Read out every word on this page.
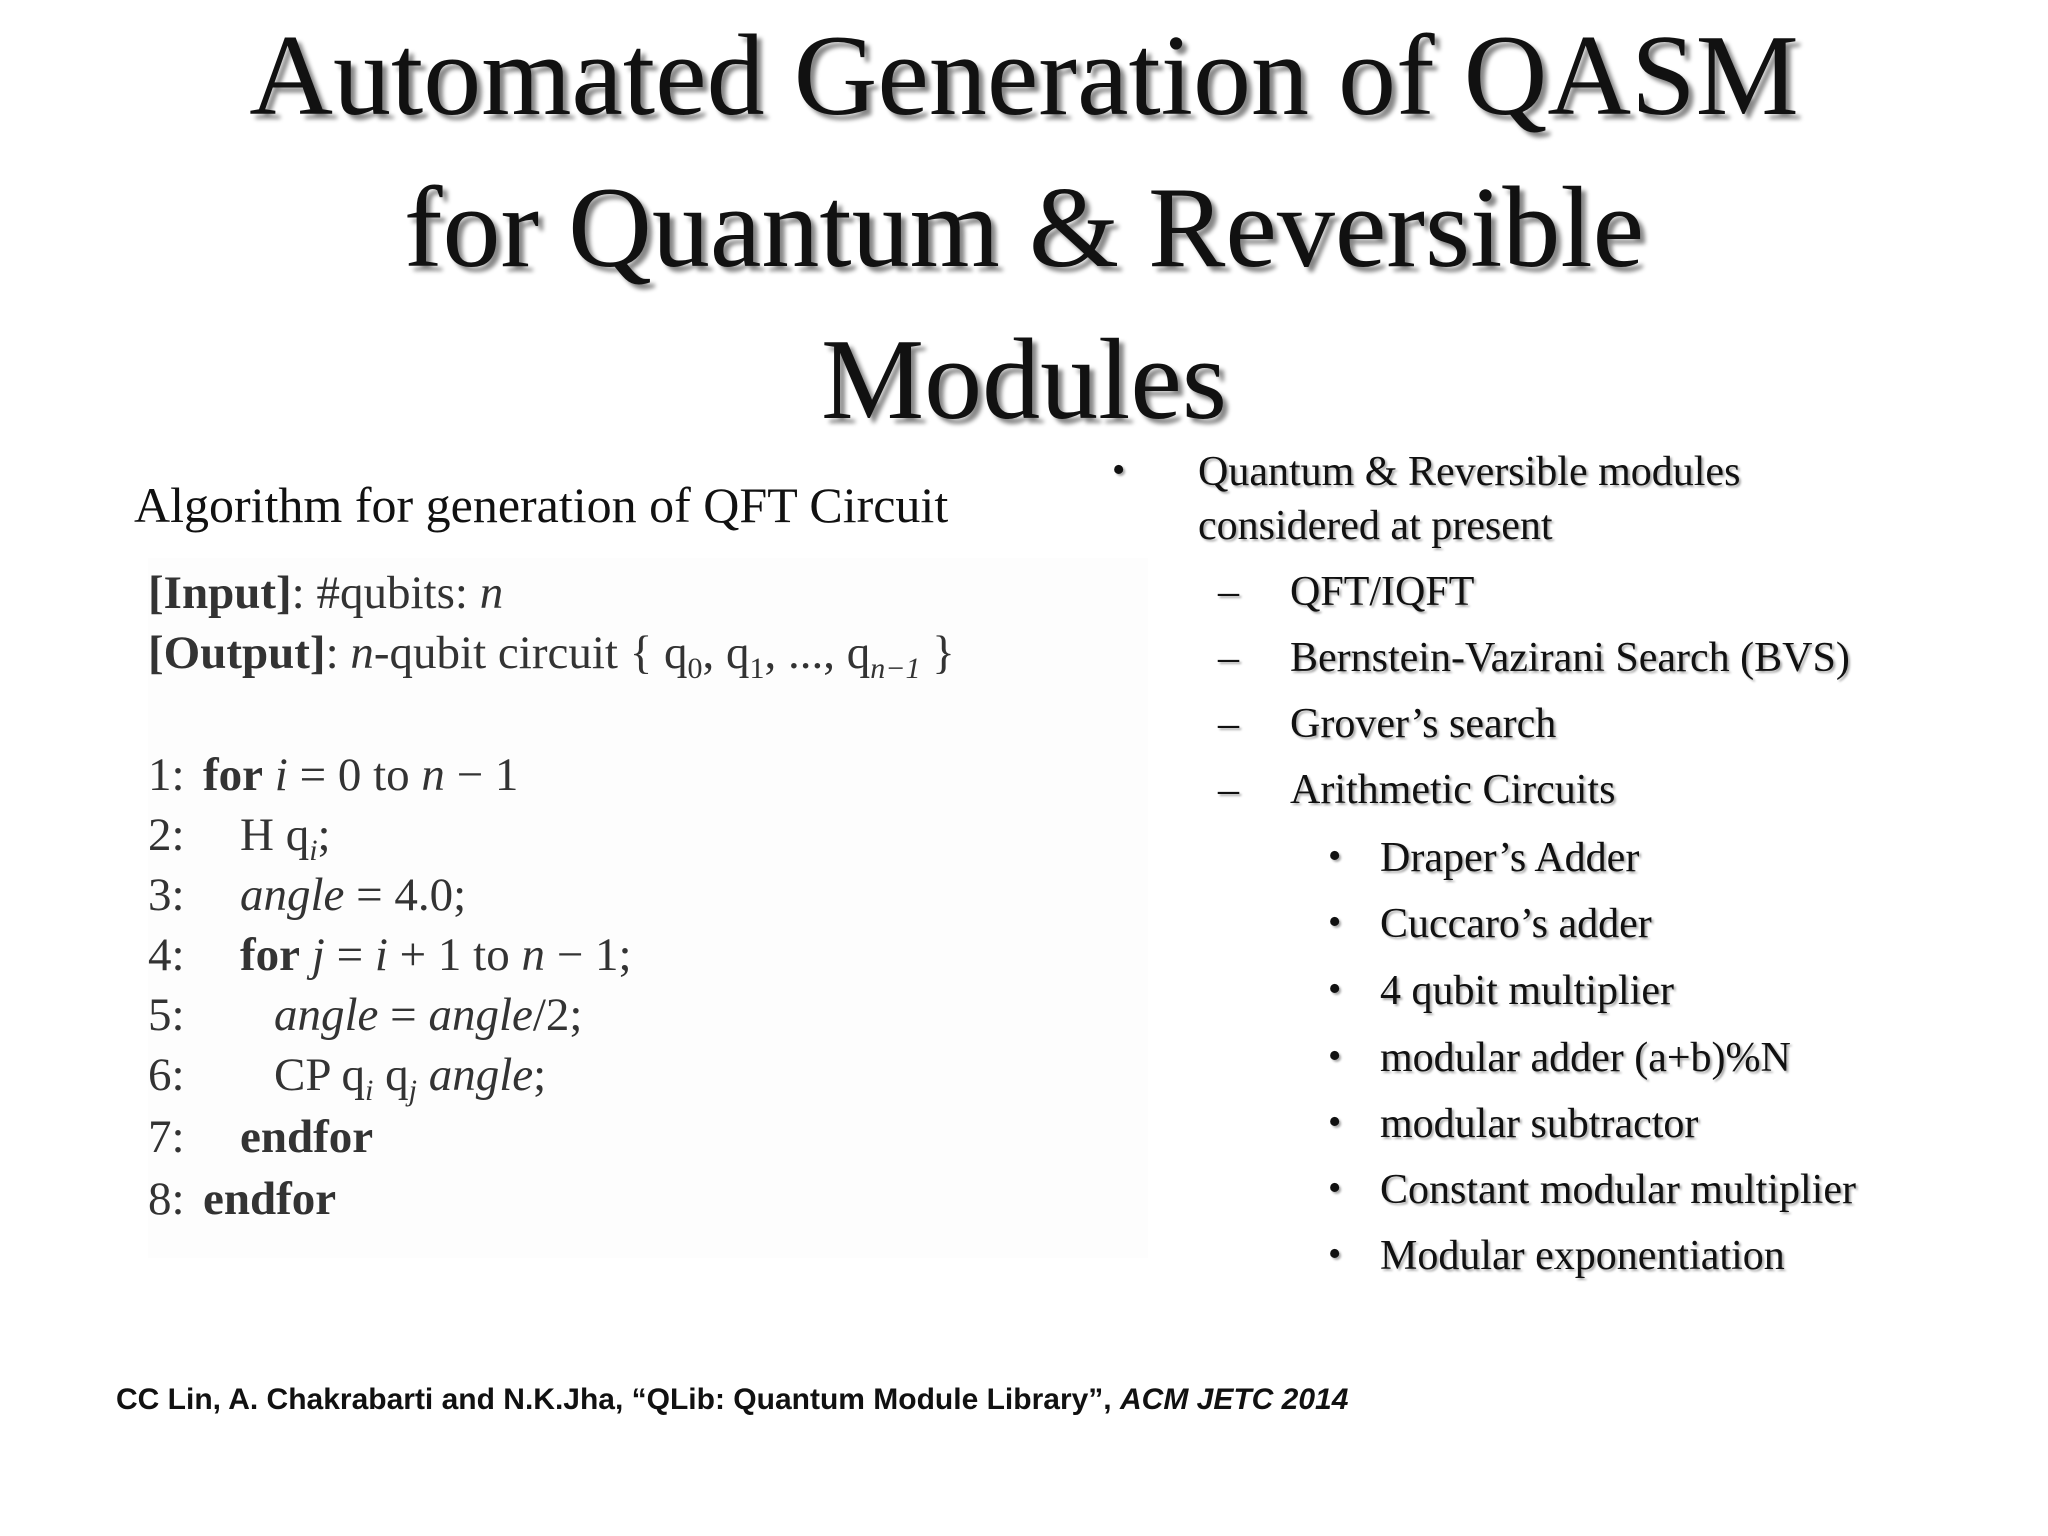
Automated Generation of QASM
for Quantum & Reversible
Modules
Algorithm for generation of QFT Circuit
[Input]: #qubits: n
[Output]: n-qubit circuit { $q_0$, $q_1$, ..., $q_{n-1}$ }
1: for i = 0 to n − 1
2:	H $q_i$;
3:	angle = 4.0;
4:	for j = i + 1 to n − 1;
5:	angle = angle/2;
6:	CP $q_i$ $q_j$ angle;
7:	endfor
8: endfor
• Quantum & Reversible modules
considered at present
– QFT/IQFT
– Bernstein-Vazirani Search (BVS)
– Grover’s search
– Arithmetic Circuits
• Draper’s Adder
• Cuccaro’s adder
• 4 qubit multiplier
• modular adder (a+b)%N
• modular subtractor
• Constant modular multiplier
• Modular exponentiation
CC Lin, A. Chakrabarti and N.K.Jha, “QLib: Quantum Module Library”, ACM JETC 2014
